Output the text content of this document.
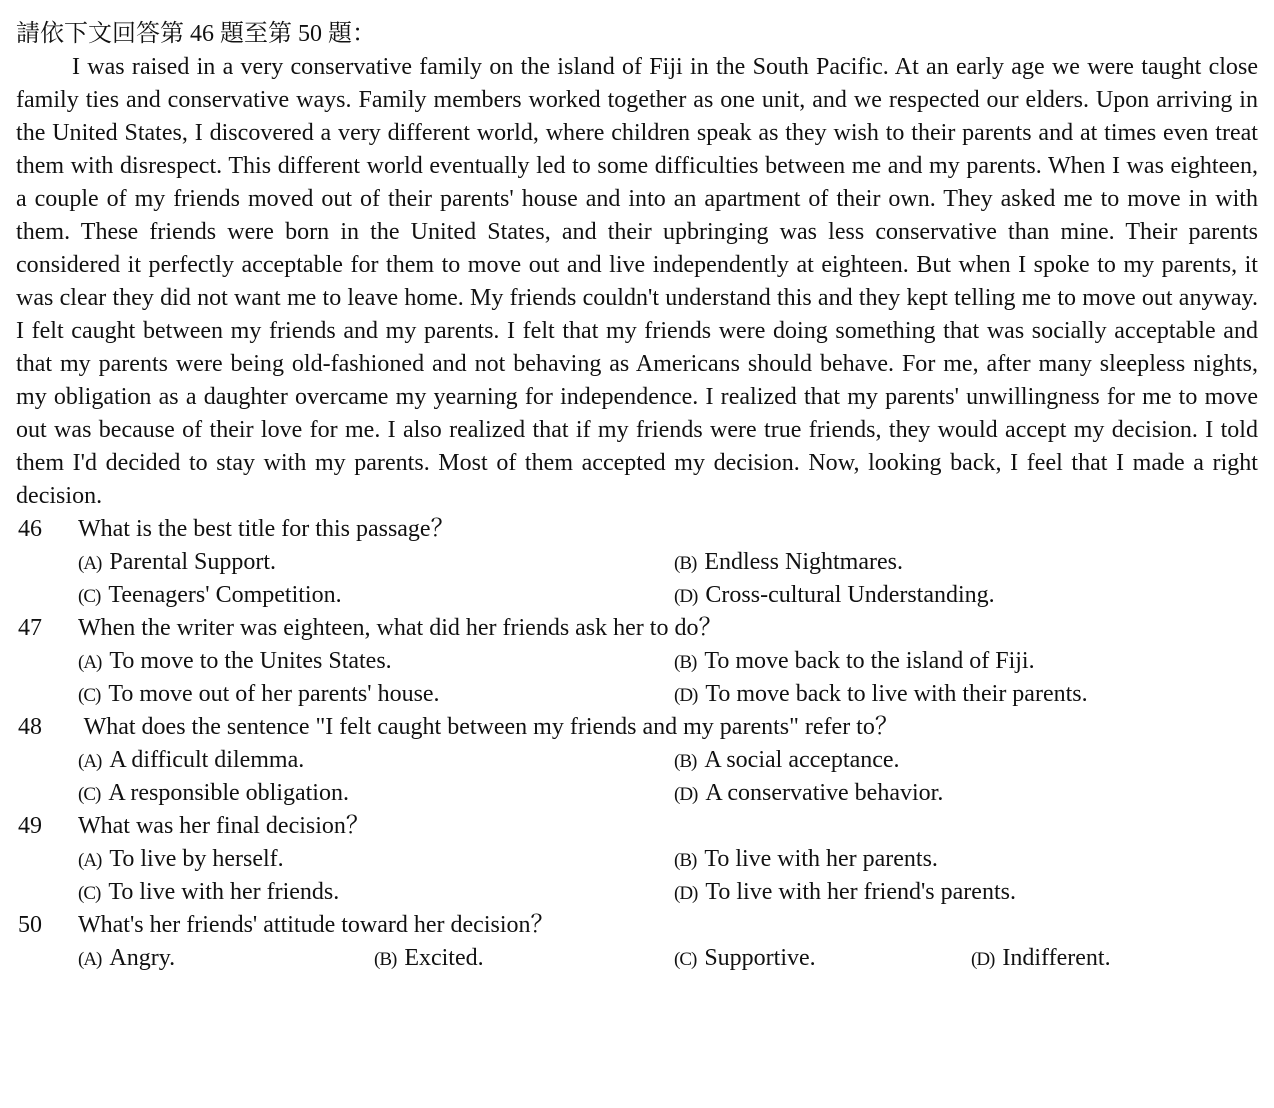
請依下文回答第 46 題至第 50 題：

I was raised in a very conservative family on the island of Fiji in the South Pacific. At an early age we were taught close family ties and conservative ways. Family members worked together as one unit, and we respected our elders. Upon arriving in the United States, I discovered a very different world, where children speak as they wish to their parents and at times even treat them with disrespect. This different world eventually led to some difficulties between me and my parents. When I was eighteen, a couple of my friends moved out of their parents' house and into an apartment of their own. They asked me to move in with them. These friends were born in the United States, and their upbringing was less conservative than mine. Their parents considered it perfectly acceptable for them to move out and live independently at eighteen. But when I spoke to my parents, it was clear they did not want me to leave home. My friends couldn't understand this and they kept telling me to move out anyway. I felt caught between my friends and my parents. I felt that my friends were doing something that was socially acceptable and that my parents were being old-fashioned and not behaving as Americans should behave. For me, after many sleepless nights, my obligation as a daughter overcame my yearning for independence. I realized that my parents' unwillingness for me to move out was because of their love for me. I also realized that if my friends were true friends, they would accept my decision. I told them I'd decided to stay with my parents. Most of them accepted my decision. Now, looking back, I feel that I made a right decision.

46 What is the best title for this passage？
(A) Parental Support.	(B) Endless Nightmares.
(C) Teenagers' Competition.	(D) Cross-cultural Understanding.
47 When the writer was eighteen, what did her friends ask her to do？
(A) To move to the Unites States.	(B) To move back to the island of Fiji.
(C) To move out of her parents' house.	(D) To move back to live with their parents.
48 What does the sentence "I felt caught between my friends and my parents" refer to？
(A) A difficult dilemma.	(B) A social acceptance.
(C) A responsible obligation.	(D) A conservative behavior.
49 What was her final decision？
(A) To live by herself.	(B) To live with her parents.
(C) To live with her friends.	(D) To live with her friend's parents.
50 What's her friends' attitude toward her decision？
(A) Angry.	(B) Excited.	(C) Supportive.	(D) Indifferent.
